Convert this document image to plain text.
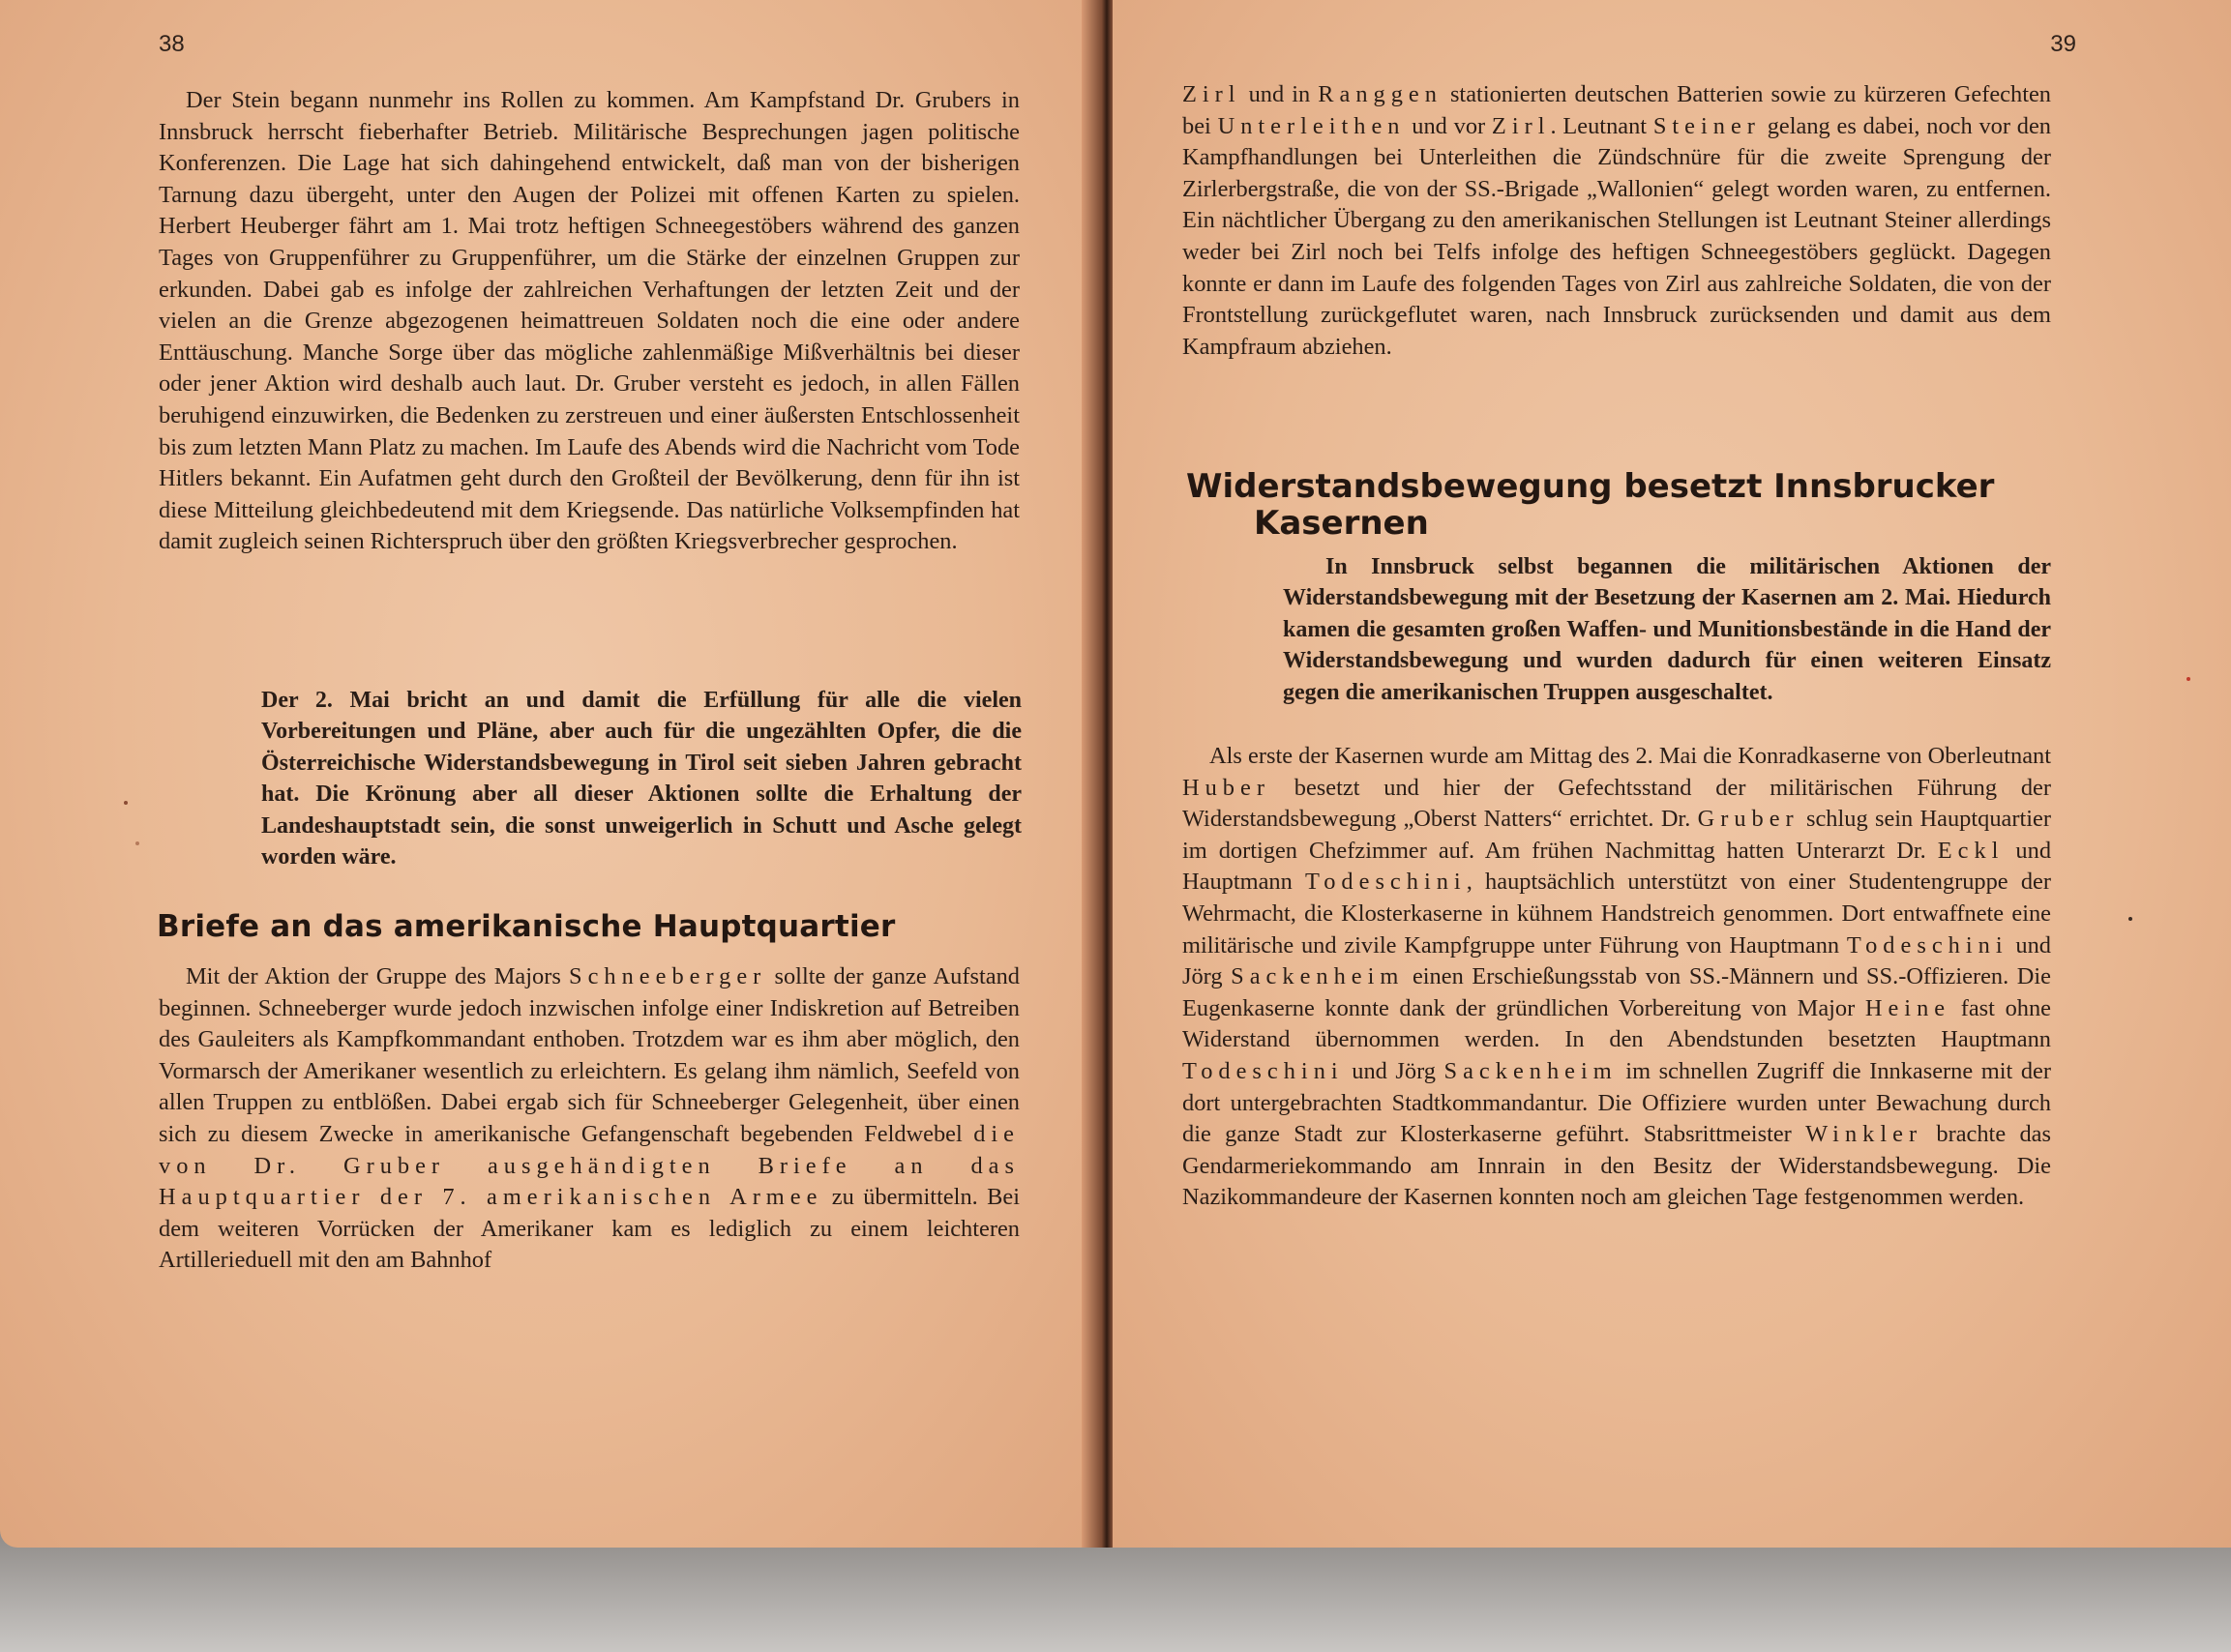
38

Der Stein begann nunmehr ins Rollen zu kommen. Am Kampfstand Dr. Grubers in Innsbruck herrscht fieberhafter Betrieb. Militärische Besprechungen jagen politische Konferenzen. Die Lage hat sich dahingehend entwickelt, daß man von der bisherigen Tarnung dazu übergeht, unter den Augen der Polizei mit offenen Karten zu spielen. Herbert Heuberger fährt am 1. Mai trotz heftigen Schneegestöbers während des ganzen Tages von Gruppenführer zu Gruppenführer, um die Stärke der einzelnen Gruppen zur erkunden. Dabei gab es infolge der zahlreichen Verhaftungen der letzten Zeit und der vielen an die Grenze abgezogenen heimattreuen Soldaten noch die eine oder andere Enttäuschung. Manche Sorge über das mögliche zahlenmäßige Mißverhältnis bei dieser oder jener Aktion wird deshalb auch laut. Dr. Gruber versteht es jedoch, in allen Fällen beruhigend einzuwirken, die Bedenken zu zerstreuen und einer äußersten Entschlossenheit bis zum letzten Mann Platz zu machen. Im Laufe des Abends wird die Nachricht vom Tode Hitlers bekannt. Ein Aufatmen geht durch den Großteil der Bevölkerung, denn für ihn ist diese Mitteilung gleichbedeutend mit dem Kriegsende. Das natürliche Volksempfinden hat damit zugleich seinen Richterspruch über den größten Kriegsverbrecher gesprochen.

Der 2. Mai bricht an und damit die Erfüllung für alle die vielen Vorbereitungen und Pläne, aber auch für die ungezählten Opfer, die die Österreichische Widerstandsbewegung in Tirol seit sieben Jahren gebracht hat. Die Krönung aber all dieser Aktionen sollte die Erhaltung der Landeshauptstadt sein, die sonst unweigerlich in Schutt und Asche gelegt worden wäre.

Briefe an das amerikanische Hauptquartier

Mit der Aktion der Gruppe des Majors Schneeberger sollte der ganze Aufstand beginnen. Schneeberger wurde jedoch inzwischen infolge einer Indiskretion auf Betreiben des Gauleiters als Kampfkommandant enthoben. Trotzdem war es ihm aber möglich, den Vormarsch der Amerikaner wesentlich zu erleichtern. Es gelang ihm nämlich, Seefeld von allen Truppen zu entblößen. Dabei ergab sich für Schneeberger Gelegenheit, über einen sich zu diesem Zwecke in amerikanische Gefangenschaft begebenden Feldwebel die von Dr. Gruber ausgehändigten Briefe an das Hauptquartier der 7. amerikanischen Armee zu übermitteln. Bei dem weiteren Vorrücken der Amerikaner kam es lediglich zu einem leichteren Artillerieduell mit den am Bahnhof

39

Zirl und in Ranggen stationierten deutschen Batterien sowie zu kürzeren Gefechten bei Unterleithen und vor Zirl. Leutnant Steiner gelang es dabei, noch vor den Kampfhandlungen bei Unterleithen die Zündschnüre für die zweite Sprengung der Zirlerbergstraße, die von der SS.-Brigade „Wallonien“ gelegt worden waren, zu entfernen. Ein nächtlicher Übergang zu den amerikanischen Stellungen ist Leutnant Steiner allerdings weder bei Zirl noch bei Telfs infolge des heftigen Schneegestöbers geglückt. Dagegen konnte er dann im Laufe des folgenden Tages von Zirl aus zahlreiche Soldaten, die von der Frontstellung zurückgeflutet waren, nach Innsbruck zurücksenden und damit aus dem Kampfraum abziehen.

Widerstandsbewegung besetzt Innsbrucker
Kasernen

In Innsbruck selbst begannen die militärischen Aktionen der Widerstandsbewegung mit der Besetzung der Kasernen am 2. Mai. Hiedurch kamen die gesamten großen Waffen- und Munitionsbestände in die Hand der Widerstandsbewegung und wurden dadurch für einen weiteren Einsatz gegen die amerikanischen Truppen ausgeschaltet.

Als erste der Kasernen wurde am Mittag des 2. Mai die Konradkaserne von Oberleutnant Huber besetzt und hier der Gefechtsstand der militärischen Führung der Widerstandsbewegung „Oberst Natters“ errichtet. Dr. Gruber schlug sein Hauptquartier im dortigen Chefzimmer auf. Am frühen Nachmittag hatten Unterarzt Dr. Eckl und Hauptmann Todeschini, hauptsächlich unterstützt von einer Studentengruppe der Wehrmacht, die Klosterkaserne in kühnem Handstreich genommen. Dort entwaffnete eine militärische und zivile Kampfgruppe unter Führung von Hauptmann Todeschini und Jörg Sackenheim einen Erschießungsstab von SS.-Männern und SS.-Offizieren. Die Eugenkaserne konnte dank der gründlichen Vorbereitung von Major Heine fast ohne Widerstand übernommen werden. In den Abendstunden besetzten Hauptmann Todeschini und Jörg Sackenheim im schnellen Zugriff die Innkaserne mit der dort untergebrachten Stadtkommandantur. Die Offiziere wurden unter Bewachung durch die ganze Stadt zur Klosterkaserne geführt. Stabsrittmeister Winkler brachte das Gendarmeriekommando am Innrain in den Besitz der Widerstandsbewegung. Die Nazikommandeure der Kasernen konnten noch am gleichen Tage festgenommen werden.
